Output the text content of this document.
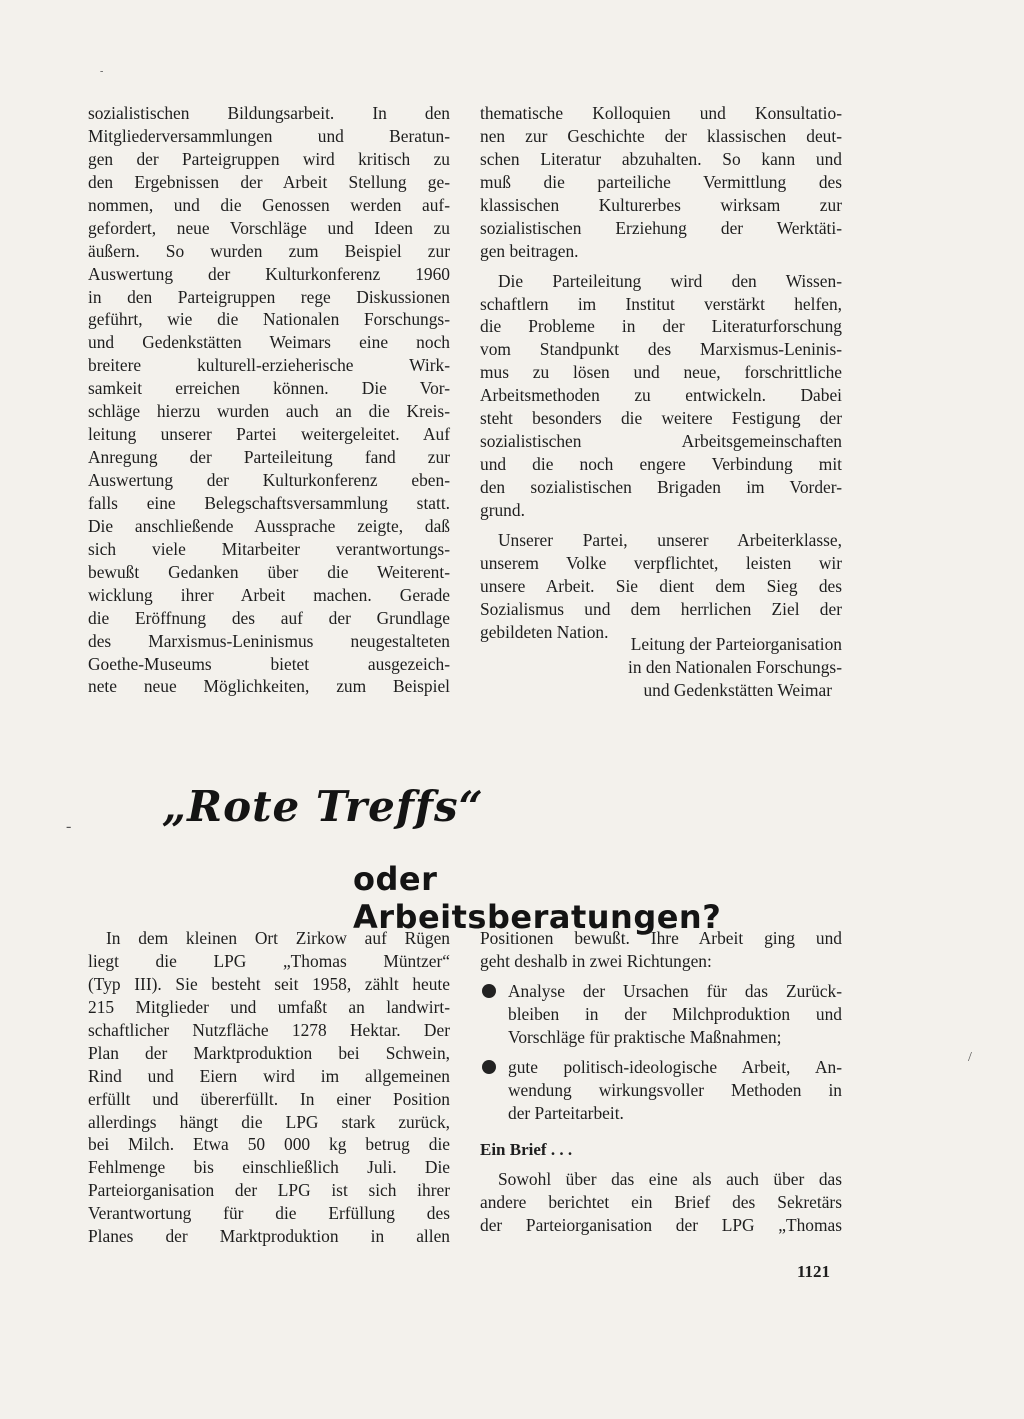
sozialistischen Bildungsarbeit. In den
Mitgliederversammlungen und Beratun-
gen der Parteigruppen wird kritisch zu
den Ergebnissen der Arbeit Stellung ge-
nommen, und die Genossen werden auf-
gefordert, neue Vorschläge und Ideen zu
äußern. So wurden zum Beispiel zur
Auswertung der Kulturkonferenz 1960
in den Parteigruppen rege Diskussionen
geführt, wie die Nationalen Forschungs-
und Gedenkstätten Weimars eine noch
breitere kulturell-erzieherische Wirk-
samkeit erreichen können. Die Vor-
schläge hierzu wurden auch an die Kreis-
leitung unserer Partei weitergeleitet. Auf
Anregung der Parteileitung fand zur
Auswertung der Kulturkonferenz eben-
falls eine Belegschaftsversammlung statt.
Die anschließende Aussprache zeigte, daß
sich viele Mitarbeiter verantwortungs-
bewußt Gedanken über die Weiterent-
wicklung ihrer Arbeit machen. Gerade
die Eröffnung des auf der Grundlage
des Marxismus-Leninismus neugestalteten
Goethe-Museums bietet ausgezeich-
nete neue Möglichkeiten, zum Beispiel
thematische Kolloquien und Konsultatio-
nen zur Geschichte der klassischen deut-
schen Literatur abzuhalten. So kann und
muß die parteiliche Vermittlung des
klassischen Kulturerbes wirksam zur
sozialistischen Erziehung der Werktäti-
gen beitragen.
Die Parteileitung wird den Wissen-
schaftlern im Institut verstärkt helfen,
die Probleme in der Literaturforschung
vom Standpunkt des Marxismus-Leninis-
mus zu lösen und neue, forschrittliche
Arbeitsmethoden zu entwickeln. Dabei
steht besonders die weitere Festigung der
sozialistischen Arbeitsgemeinschaften
und die noch engere Verbindung mit
den sozialistischen Brigaden im Vorder-
grund.
Unserer Partei, unserer Arbeiterklasse,
unserem Volke verpflichtet, leisten wir
unsere Arbeit. Sie dient dem Sieg des
Sozialismus und dem herrlichen Ziel der
gebildeten Nation.
Leitung der Parteiorganisation
in den Nationalen Forschungs-
und Gedenkstätten Weimar
„Rote Treffs“
oder Arbeitsberatungen?
In dem kleinen Ort Zirkow auf Rügen
liegt die LPG „Thomas Müntzer“
(Typ III). Sie besteht seit 1958, zählt heute
215 Mitglieder und umfaßt an landwirt-
schaftlicher Nutzfläche 1278 Hektar. Der
Plan der Marktproduktion bei Schwein,
Rind und Eiern wird im allgemeinen
erfüllt und übererfüllt. In einer Position
allerdings hängt die LPG stark zurück,
bei Milch. Etwa 50 000 kg betrug die
Fehlmenge bis einschließlich Juli. Die
Parteiorganisation der LPG ist sich ihrer
Verantwortung für die Erfüllung des
Planes der Marktproduktion in allen
Positionen bewußt. Ihre Arbeit ging und
geht deshalb in zwei Richtungen:
Analyse der Ursachen für das Zurück-
bleiben in der Milchproduktion und
Vorschläge für praktische Maßnahmen;
gute politisch-ideologische Arbeit, An-
wendung wirkungsvoller Methoden in
der Parteitarbeit.
Ein Brief . . .
Sowohl über das eine als auch über das
andere berichtet ein Brief des Sekretärs
der Parteiorganisation der LPG „Thomas
1121
-
-
/
